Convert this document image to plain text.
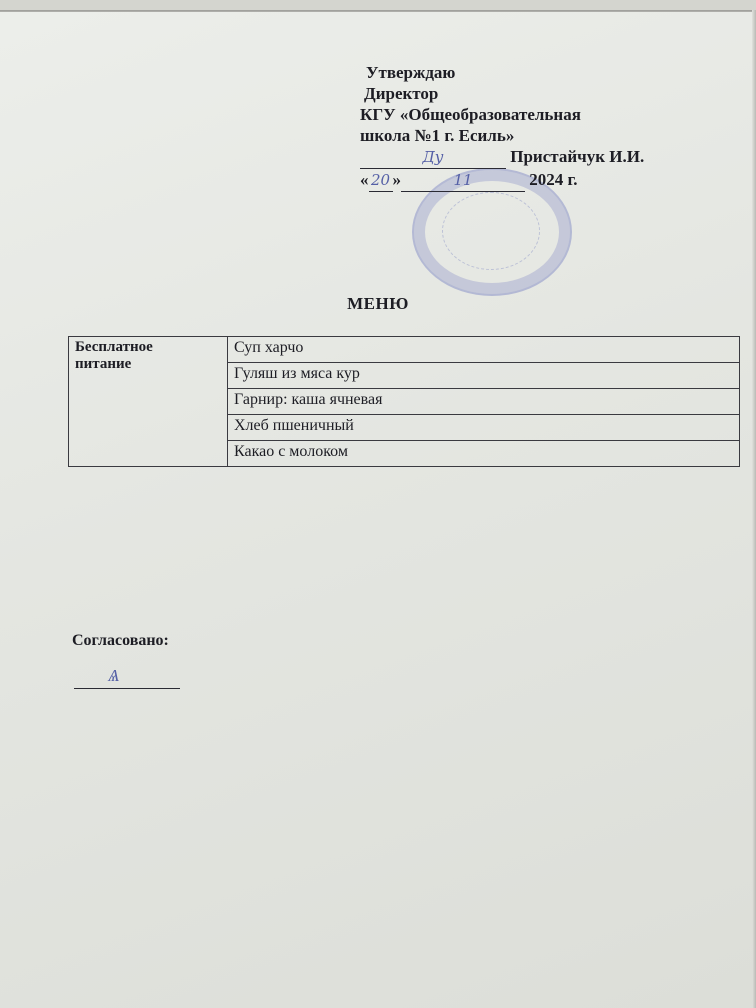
Утверждаю
Директор
КГУ «Общеобразовательная
школа №1 г. Есиль»
Ду	Пристайчук И.И.
« 20 »	11	2024 г.
МЕНЮ
Бесплатное
питание
	Суп харчо
Гуляш из мяса кур
Гарнир: каша ячневая
Хлеб пшеничный
Какао с молоком
Согласовано:
Ѧ
